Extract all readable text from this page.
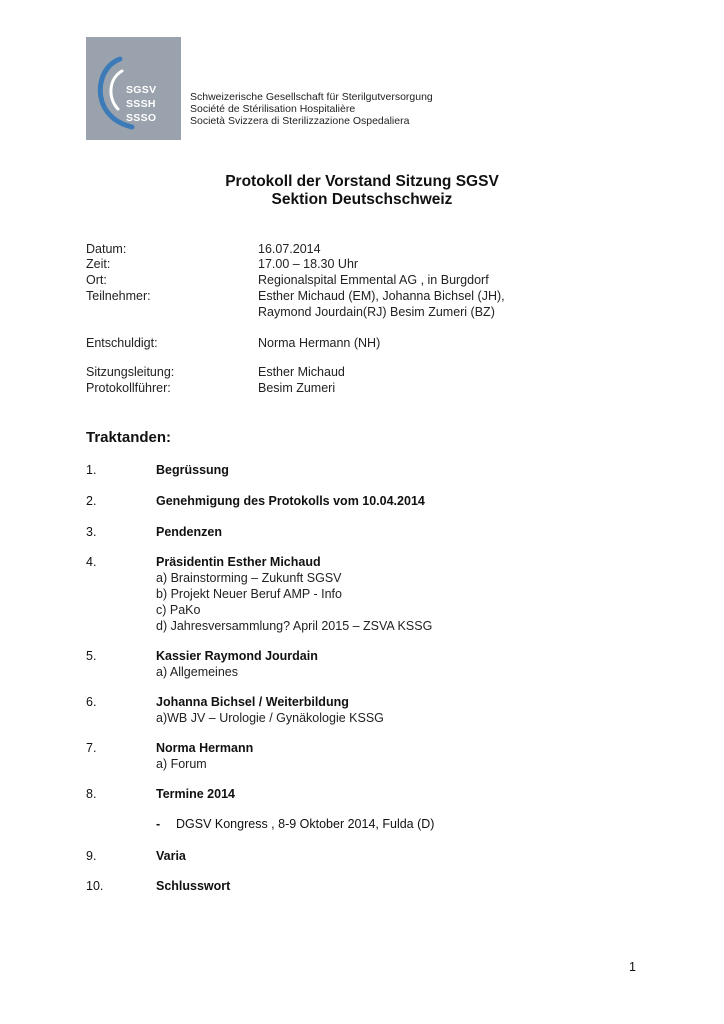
SGSV
SSSH
SSSO
Schweizerische Gesellschaft für Sterilgutversorgung
Société de Stérilisation Hospitalière
Società Svizzera di Sterilizzazione Ospedaliera
Protokoll der Vorstand Sitzung SGSV
Sektion Deutschschweiz
Datum:	16.07.2014
Zeit:	17.00 – 18.30 Uhr
Ort:	Regionalspital Emmental AG , in Burgdorf
Teilnehmer:	Esther Michaud (EM), Johanna Bichsel (JH),
Raymond Jourdain(RJ) Besim Zumeri (BZ)
Entschuldigt:	Norma Hermann (NH)
Sitzungsleitung:	Esther Michaud
Protokollführer:	Besim Zumeri
Traktanden:
1.	Begrüssung
2.	Genehmigung des Protokolls vom 10.04.2014
3.	Pendenzen
4.	Präsidentin Esther Michaud
a) Brainstorming – Zukunft SGSV
b) Projekt Neuer Beruf AMP - Info
c) PaKo
d) Jahresversammlung? April 2015 – ZSVA KSSG
5.	Kassier Raymond Jourdain
a) Allgemeines
6.	Johanna Bichsel / Weiterbildung
a)WB JV – Urologie / Gynäkologie KSSG
7.	Norma Hermann
a) Forum
8.	Termine 2014
- DGSV Kongress , 8-9 Oktober 2014, Fulda (D)
9.	Varia
10.	Schlusswort
1
